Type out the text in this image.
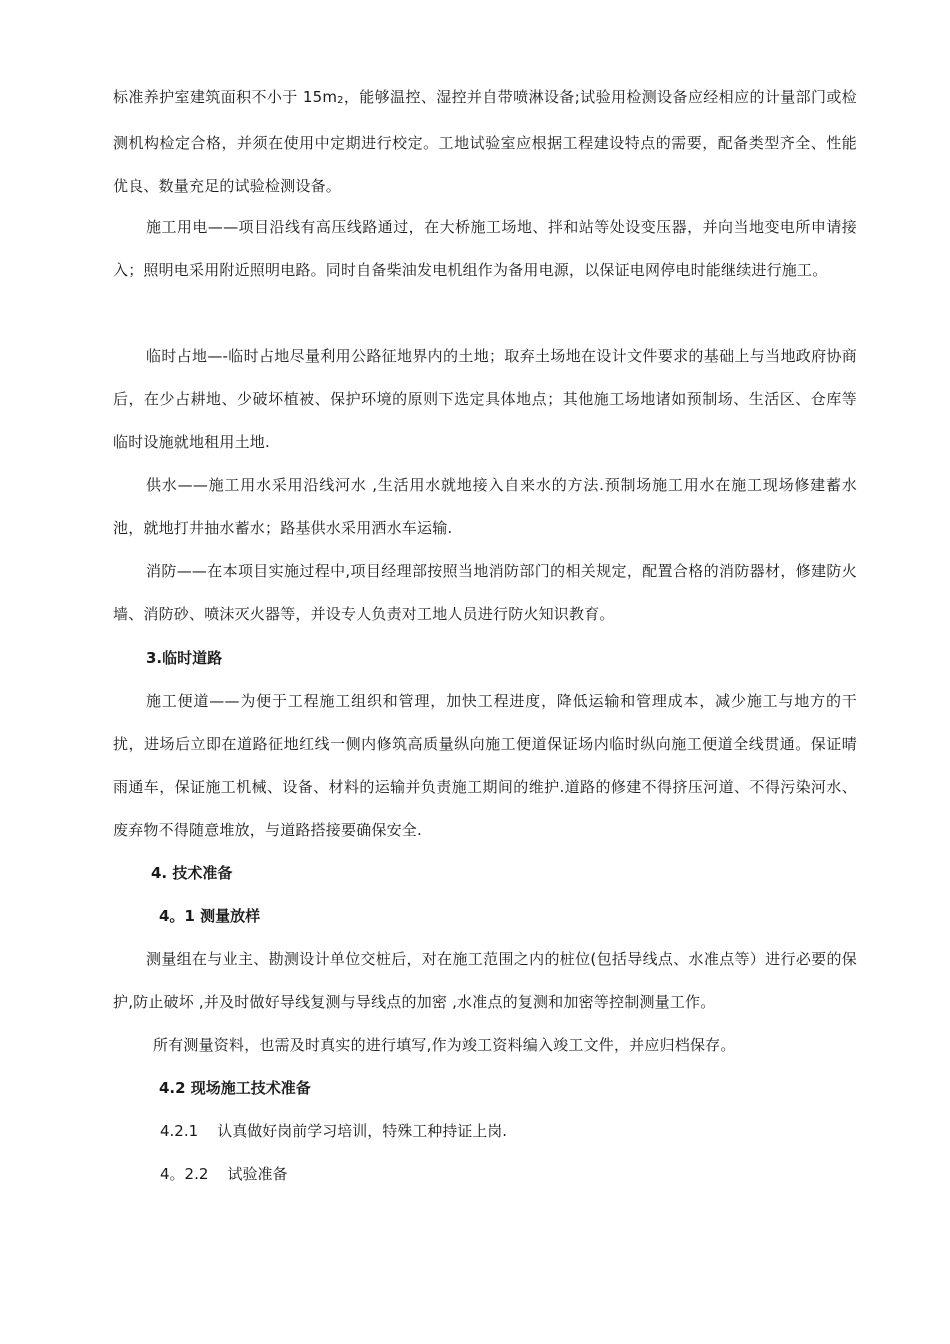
标准养护室建筑面积不小于 $15m_2$，能够温控、湿控并自带喷淋设备;试验用检测设备应经相应的计量部门或检测机构检定合格，并须在使用中定期进行校定。工地试验室应根据工程建设特点的需要，配备类型齐全、性能优良、数量充足的试验检测设备。

施工用电——项目沿线有高压线路通过，在大桥施工场地、拌和站等处设变压器，并向当地变电所申请接入；照明电采用附近照明电路。同时自备柴油发电机组作为备用电源，以保证电网停电时能继续进行施工。

临时占地—-临时占地尽量利用公路征地界内的土地；取弃土场地在设计文件要求的基础上与当地政府协商后，在少占耕地、少破坏植被、保护环境的原则下选定具体地点；其他施工场地诸如预制场、生活区、仓库等临时设施就地租用土地.

供水——施工用水采用沿线河水 ,生活用水就地接入自来水的方法.预制场施工用水在施工现场修建蓄水池，就地打井抽水蓄水；路基供水采用洒水车运输.

消防——在本项目实施过程中,项目经理部按照当地消防部门的相关规定，配置合格的消防器材，修建防火墙、消防砂、喷沫灭火器等，并设专人负责对工地人员进行防火知识教育。

3.临时道路

施工便道——为便于工程施工组织和管理，加快工程进度，降低运输和管理成本，减少施工与地方的干扰，进场后立即在道路征地红线一侧内修筑高质量纵向施工便道保证场内临时纵向施工便道全线贯通。保证晴雨通车，保证施工机械、设备、材料的运输并负责施工期间的维护.道路的修建不得挤压河道、不得污染河水、废弃物不得随意堆放，与道路搭接要确保安全.

4. 技术准备

4。1 测量放样

测量组在与业主、勘测设计单位交桩后，对在施工范围之内的桩位(包括导线点、水准点等）进行必要的保护,防止破坏 ,并及时做好导线复测与导线点的加密 ,水准点的复测和加密等控制测量工作。

所有测量资料，也需及时真实的进行填写,作为竣工资料编入竣工文件，并应归档保存。

4.2 现场施工技术准备

4.2.1    认真做好岗前学习培训，特殊工种持证上岗.

4。2.2    试验准备
